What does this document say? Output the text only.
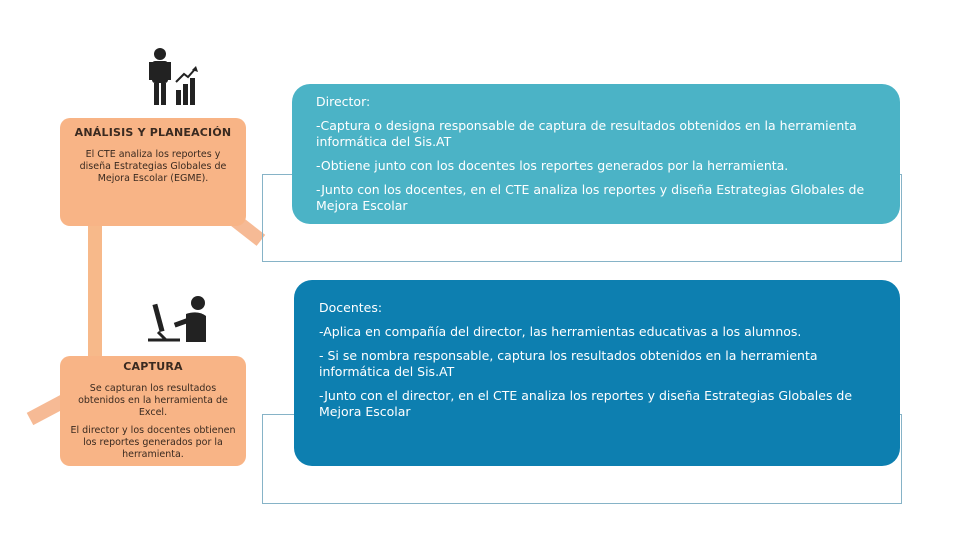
ANÁLISIS Y PLANEACIÓN
El CTE analiza los reportes y diseña Estrategias Globales de Mejora Escolar (EGME).
CAPTURA
Se capturan los resultados obtenidos en la herramienta de Excel.
El director y los docentes obtienen los reportes generados por la herramienta.

Director:

-Captura o designa responsable de captura de resultados obtenidos en la herramienta informática del Sis.AT

-Obtiene junto con los docentes los reportes generados por la herramienta.

-Junto con los docentes, en el CTE analiza los reportes y diseña Estrategias Globales de Mejora Escolar

Docentes:

-Aplica en compañía del director, las herramientas educativas a los alumnos.

- Si se nombra responsable, captura los resultados obtenidos en la herramienta informática del Sis.AT

-Junto con el director, en el CTE analiza los reportes y diseña Estrategias Globales de Mejora Escolar
